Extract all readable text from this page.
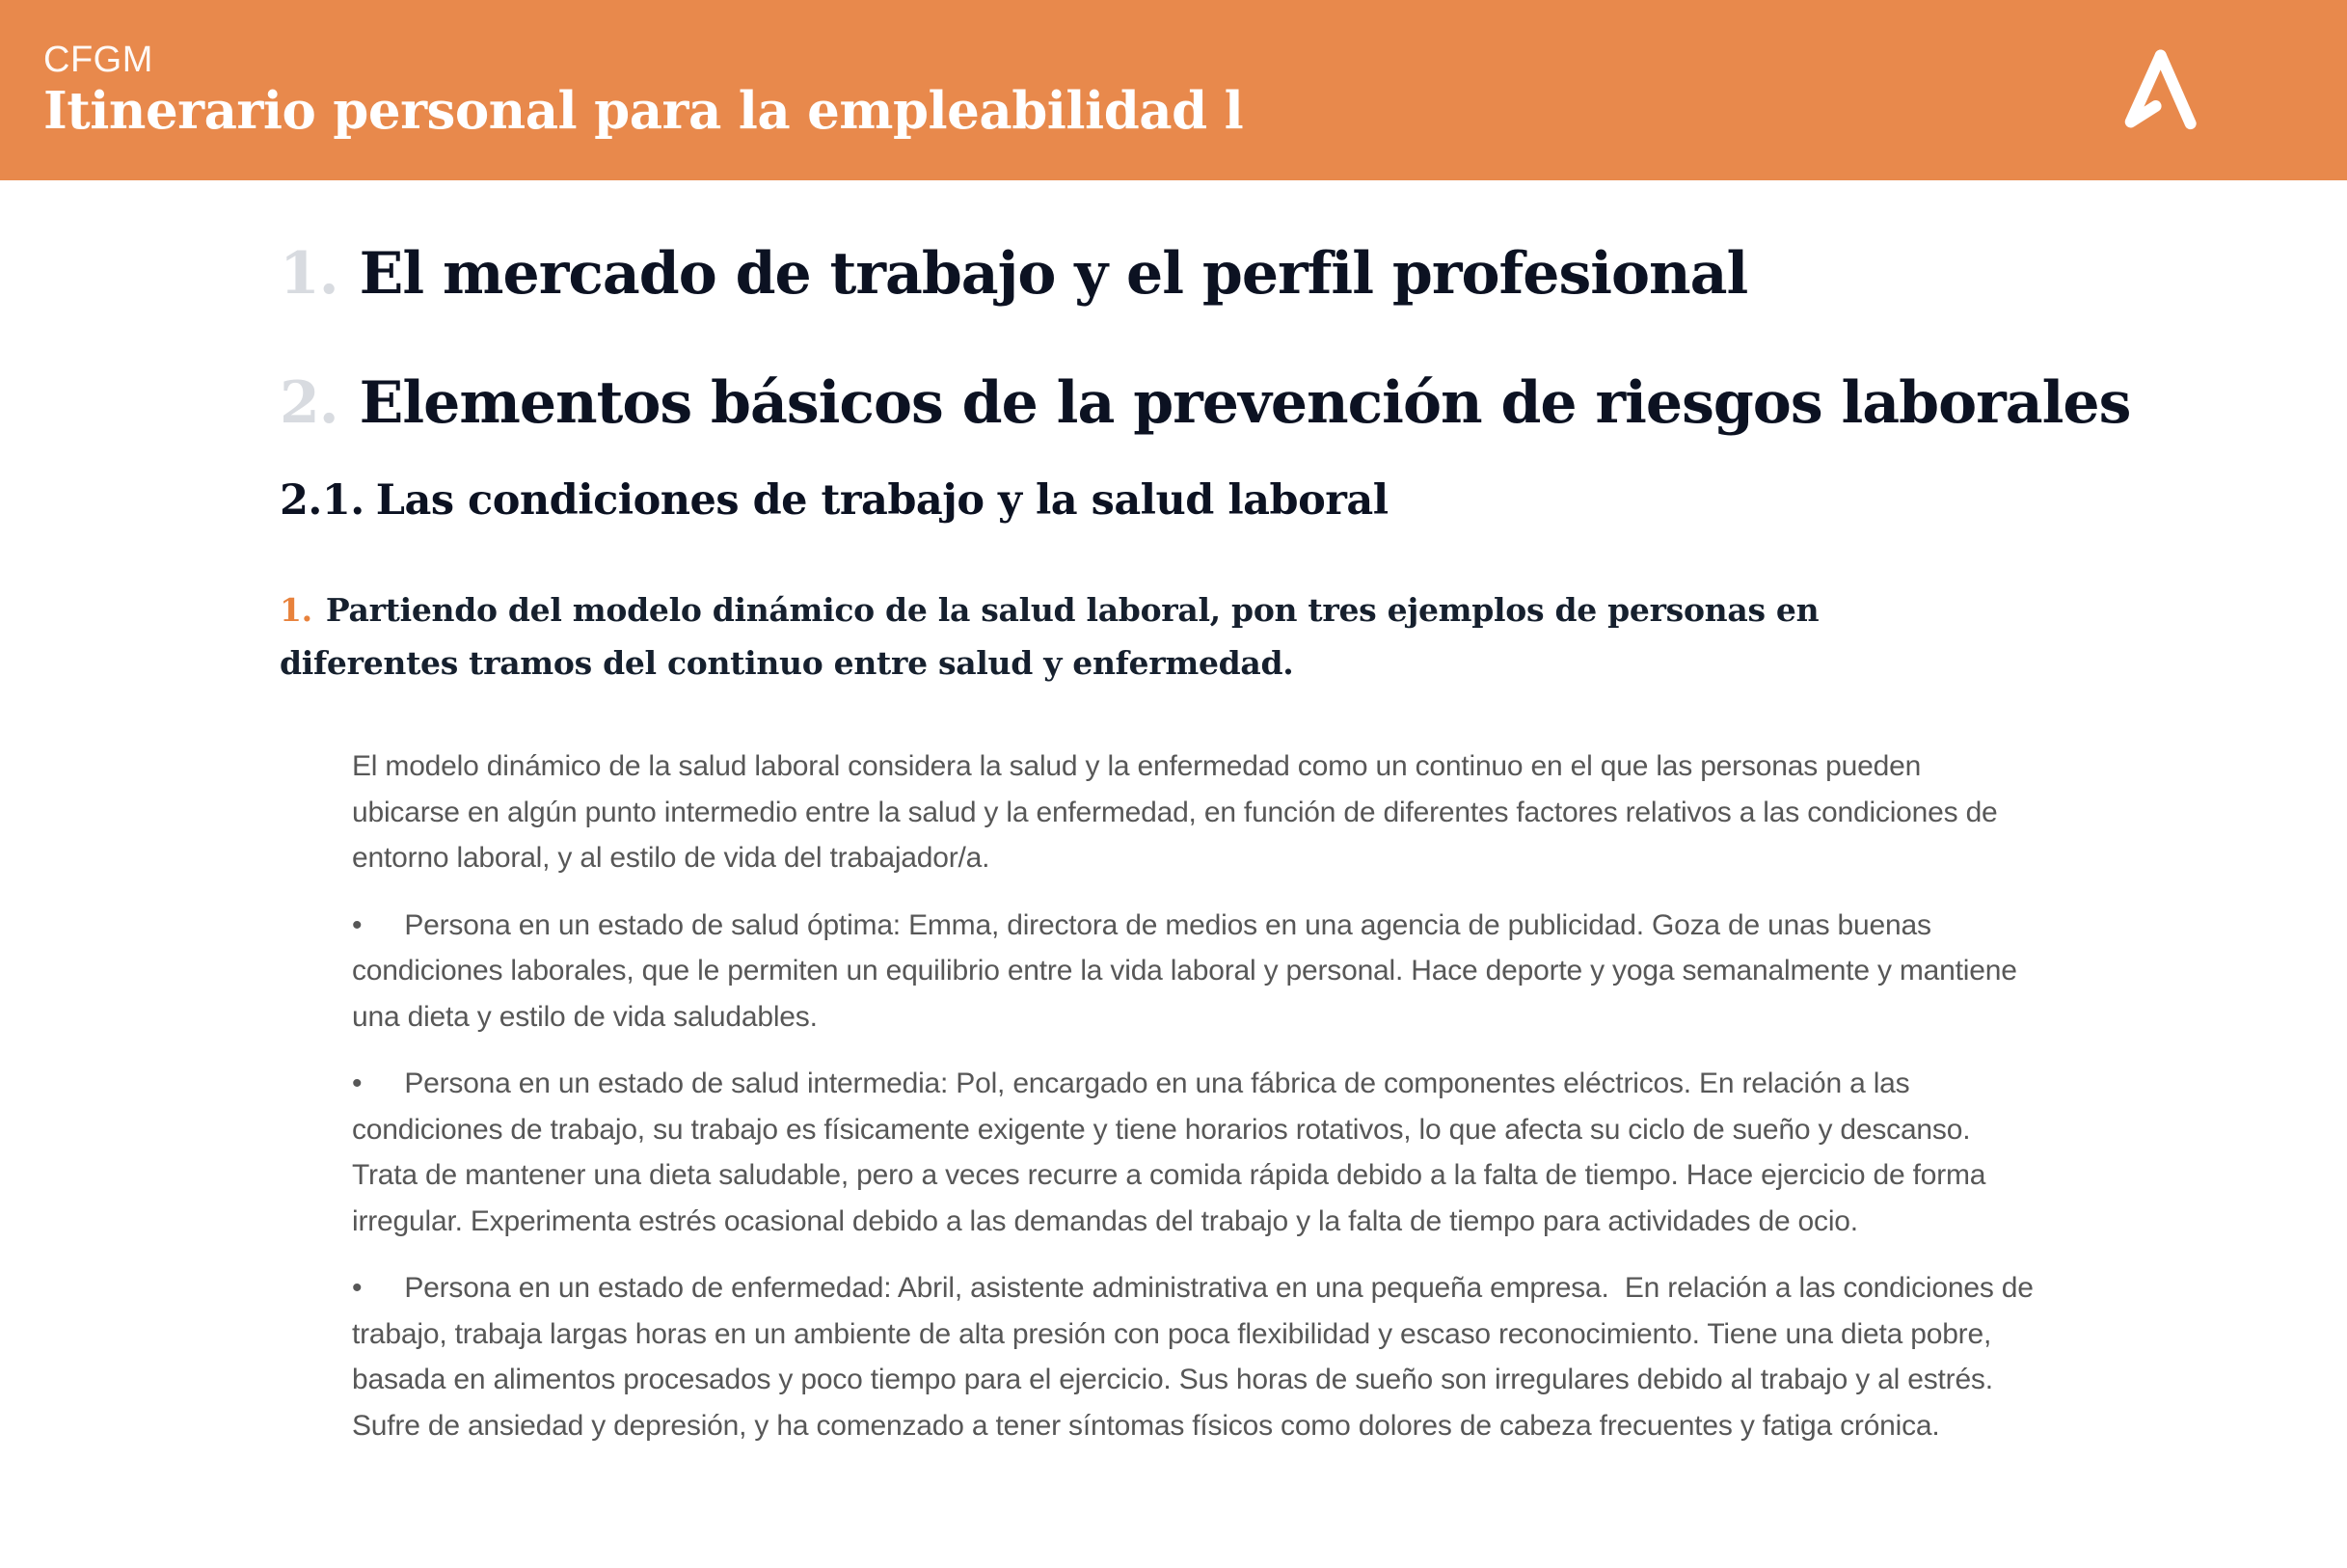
CFGM
Itinerario personal para la empleabilidad l
1. El mercado de trabajo y el perfil profesional
2. Elementos básicos de la prevención de riesgos laborales
2.1. Las condiciones de trabajo y la salud laboral
1. Partiendo del modelo dinámico de la salud laboral, pon tres ejemplos de personas en diferentes tramos del continuo entre salud y enfermedad.

El modelo dinámico de la salud laboral considera la salud y la enfermedad como un continuo en el que las personas pueden ubicarse en algún punto intermedio entre la salud y la enfermedad, en función de diferentes factores relativos a las condiciones de entorno laboral, y al estilo de vida del trabajador/a.

• Persona en un estado de salud óptima: Emma, directora de medios en una agencia de publicidad. Goza de unas buenas condiciones laborales, que le permiten un equilibrio entre la vida laboral y personal. Hace deporte y yoga semanalmente y mantiene una dieta y estilo de vida saludables.

• Persona en un estado de salud intermedia: Pol, encargado en una fábrica de componentes eléctricos. En relación a las condiciones de trabajo, su trabajo es físicamente exigente y tiene horarios rotativos, lo que afecta su ciclo de sueño y descanso. Trata de mantener una dieta saludable, pero a veces recurre a comida rápida debido a la falta de tiempo. Hace ejercicio de forma irregular. Experimenta estrés ocasional debido a las demandas del trabajo y la falta de tiempo para actividades de ocio.

• Persona en un estado de enfermedad: Abril, asistente administrativa en una pequeña empresa.  En relación a las condiciones de trabajo, trabaja largas horas en un ambiente de alta presión con poca flexibilidad y escaso reconocimiento. Tiene una dieta pobre, basada en alimentos procesados y poco tiempo para el ejercicio. Sus horas de sueño son irregulares debido al trabajo y al estrés. Sufre de ansiedad y depresión, y ha comenzado a tener síntomas físicos como dolores de cabeza frecuentes y fatiga crónica.
